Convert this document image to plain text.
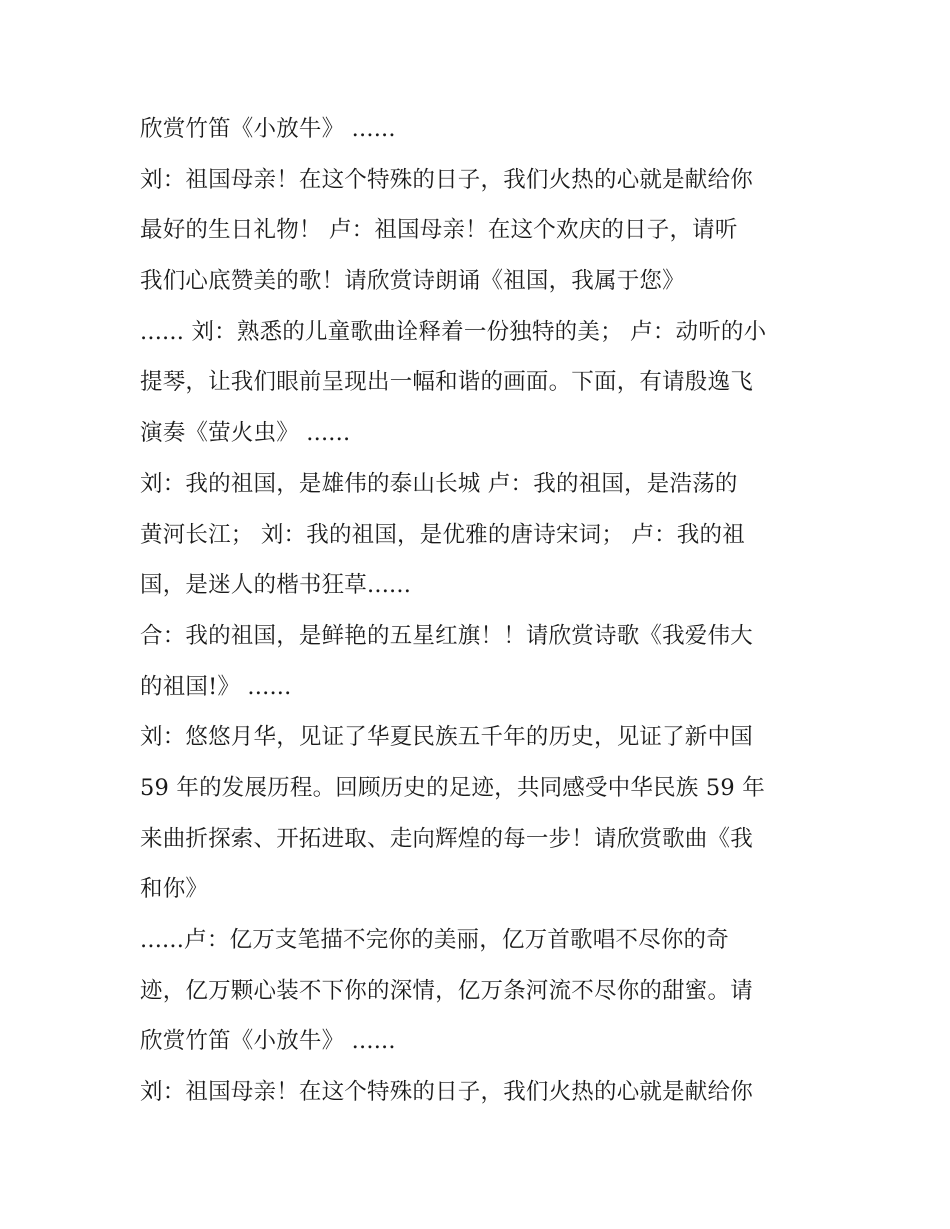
欣赏竹笛《小放牛》 ......
刘：祖国母亲！在这个特殊的日子，我们火热的心就是献给你
最好的生日礼物！ 卢：祖国母亲！在这个欢庆的日子，请听
我们心底赞美的歌！请欣赏诗朗诵《祖国，我属于您》
...... 刘：熟悉的儿童歌曲诠释着一份独特的美； 卢：动听的小
提琴，让我们眼前呈现出一幅和谐的画面。下面，有请殷逸飞
演奏《萤火虫》 ......
刘：我的祖国，是雄伟的泰山长城 卢：我的祖国，是浩荡的
黄河长江； 刘：我的祖国，是优雅的唐诗宋词； 卢：我的祖
国，是迷人的楷书狂草......
合：我的祖国，是鲜艳的五星红旗！！请欣赏诗歌《我爱伟大
的祖国!》 ......
刘：悠悠月华，见证了华夏民族五千年的历史，见证了新中国
59 年的发展历程。回顾历史的足迹，共同感受中华民族 59 年
来曲折探索、开拓进取、走向辉煌的每一步！请欣赏歌曲《我
和你》
......卢：亿万支笔描不完你的美丽，亿万首歌唱不尽你的奇
迹，亿万颗心装不下你的深情，亿万条河流不尽你的甜蜜。请
欣赏竹笛《小放牛》 ......
刘：祖国母亲！在这个特殊的日子，我们火热的心就是献给你
